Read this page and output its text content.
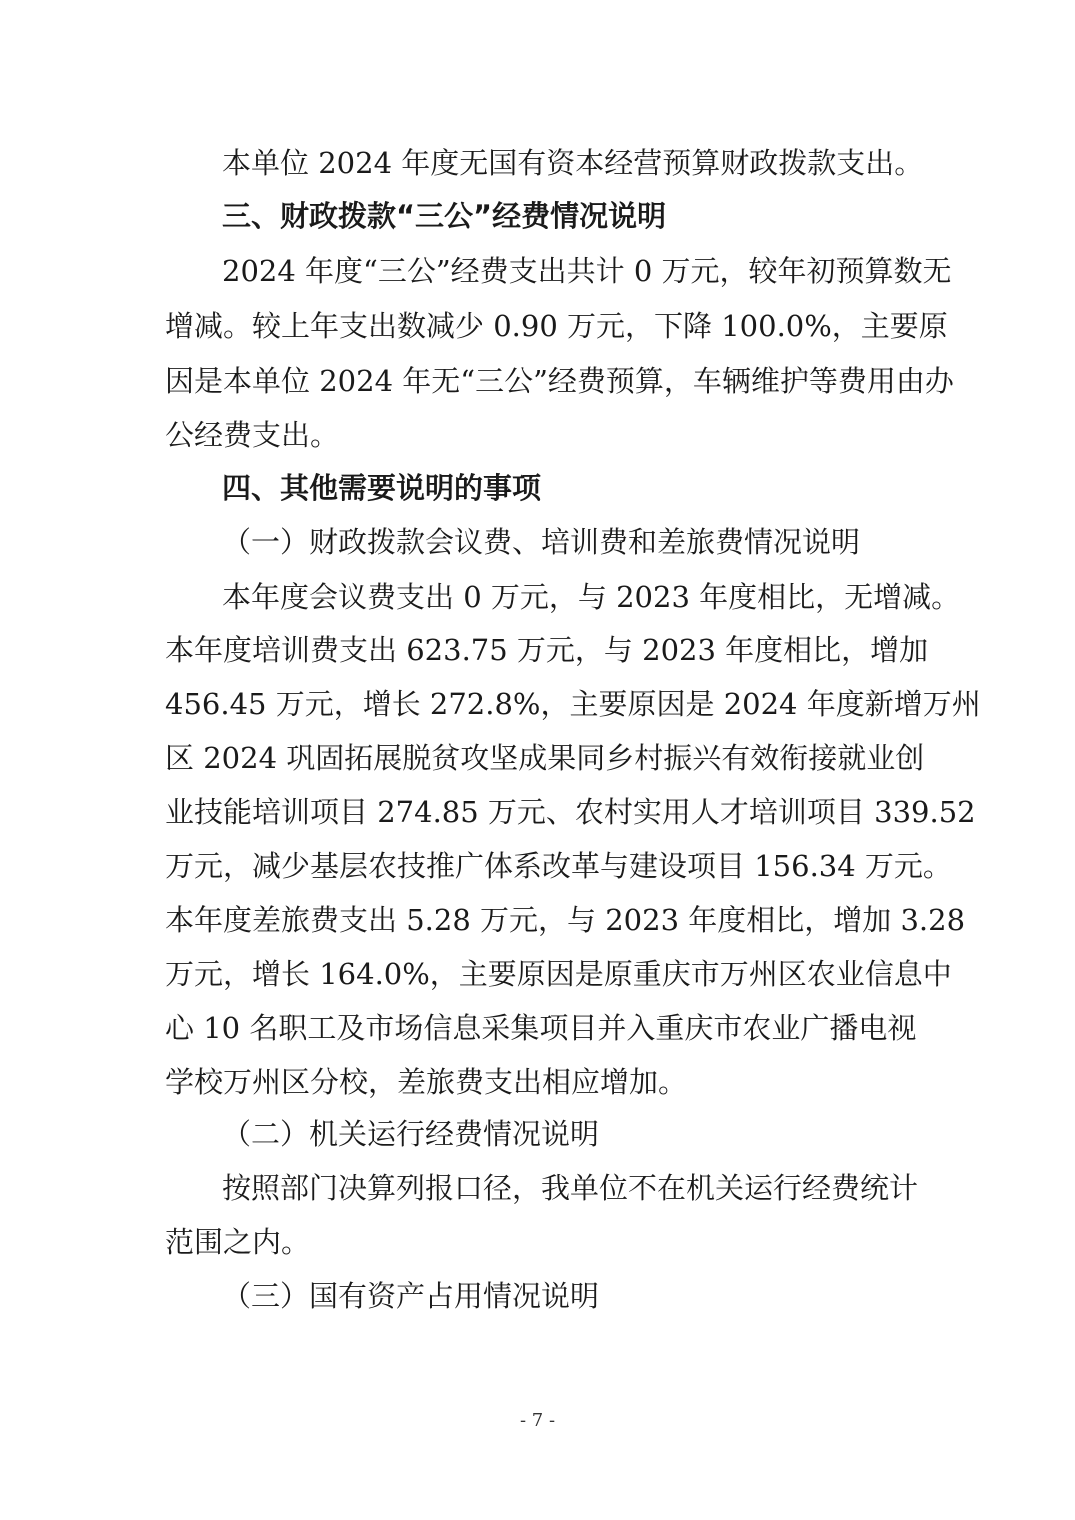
本单位 2024 年度无国有资本经营预算财政拨款支出。
三、财政拨款“三公”经费情况说明
2024 年度“三公”经费支出共计 0 万元，较年初预算数无
增减。较上年支出数减少 0.90 万元，下降 100.0%，主要原
因是本单位 2024 年无“三公”经费预算，车辆维护等费用由办
公经费支出。
四、其他需要说明的事项
（一）财政拨款会议费、培训费和差旅费情况说明
本年度会议费支出 0 万元，与 2023 年度相比，无增减。
本年度培训费支出 623.75 万元，与 2023 年度相比，增加
456.45 万元，增长 272.8%，主要原因是 2024 年度新增万州
区 2024 巩固拓展脱贫攻坚成果同乡村振兴有效衔接就业创
业技能培训项目 274.85 万元、农村实用人才培训项目 339.52
万元，减少基层农技推广体系改革与建设项目 156.34 万元。
本年度差旅费支出 5.28 万元，与 2023 年度相比，增加 3.28
万元，增长 164.0%，主要原因是原重庆市万州区农业信息中
心 10 名职工及市场信息采集项目并入重庆市农业广播电视
学校万州区分校，差旅费支出相应增加。
（二）机关运行经费情况说明
按照部门决算列报口径，我单位不在机关运行经费统计
范围之内。
（三）国有资产占用情况说明
- 7 -
